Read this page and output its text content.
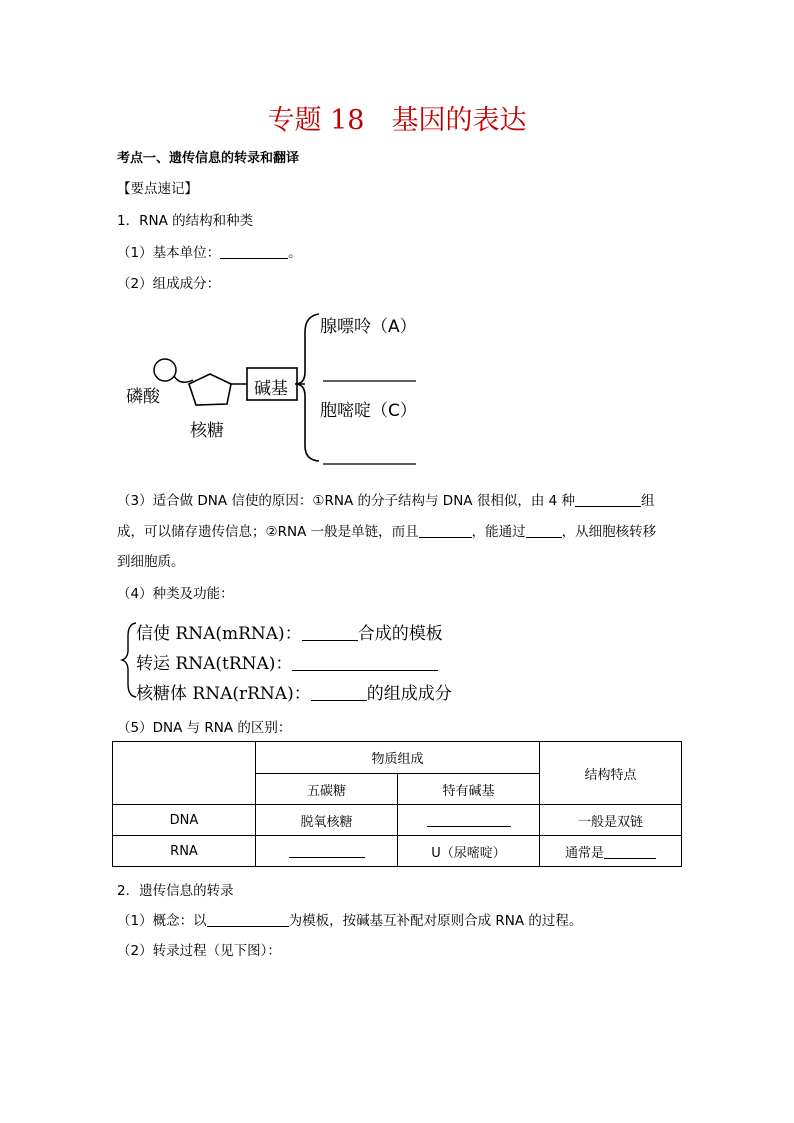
专题 18　基因的表达
考点一、遗传信息的转录和翻译
【要点速记】
1．RNA 的结构和种类
（1）基本单位：	。
（2）组成成分：
磷酸
核糖
碱基
腺嘌呤（A）
胞嘧啶（C）
（3）适合做 DNA 信使的原因：①RNA 的分子结构与 DNA 很相似，由 4 种	组
成，可以储存遗传信息；②RNA 一般是单链，而且	，能通过	，从细胞核转移
到细胞质。
（4）种类及功能：
信使 RNA(mRNA)：	合成的模板
转运 RNA(tRNA)：
核糖体 RNA(rRNA)：	的组成成分
（5）DNA 与 RNA 的区别：
	物质组成		结构特点
	五碳糖	特有碱基	
DNA	脱氧核糖		一般是双链
RNA		U（尿嘧啶）	通常是
2．遗传信息的转录
（1）概念：以	为模板，按碱基互补配对原则合成 RNA 的过程。
（2）转录过程（见下图）：
